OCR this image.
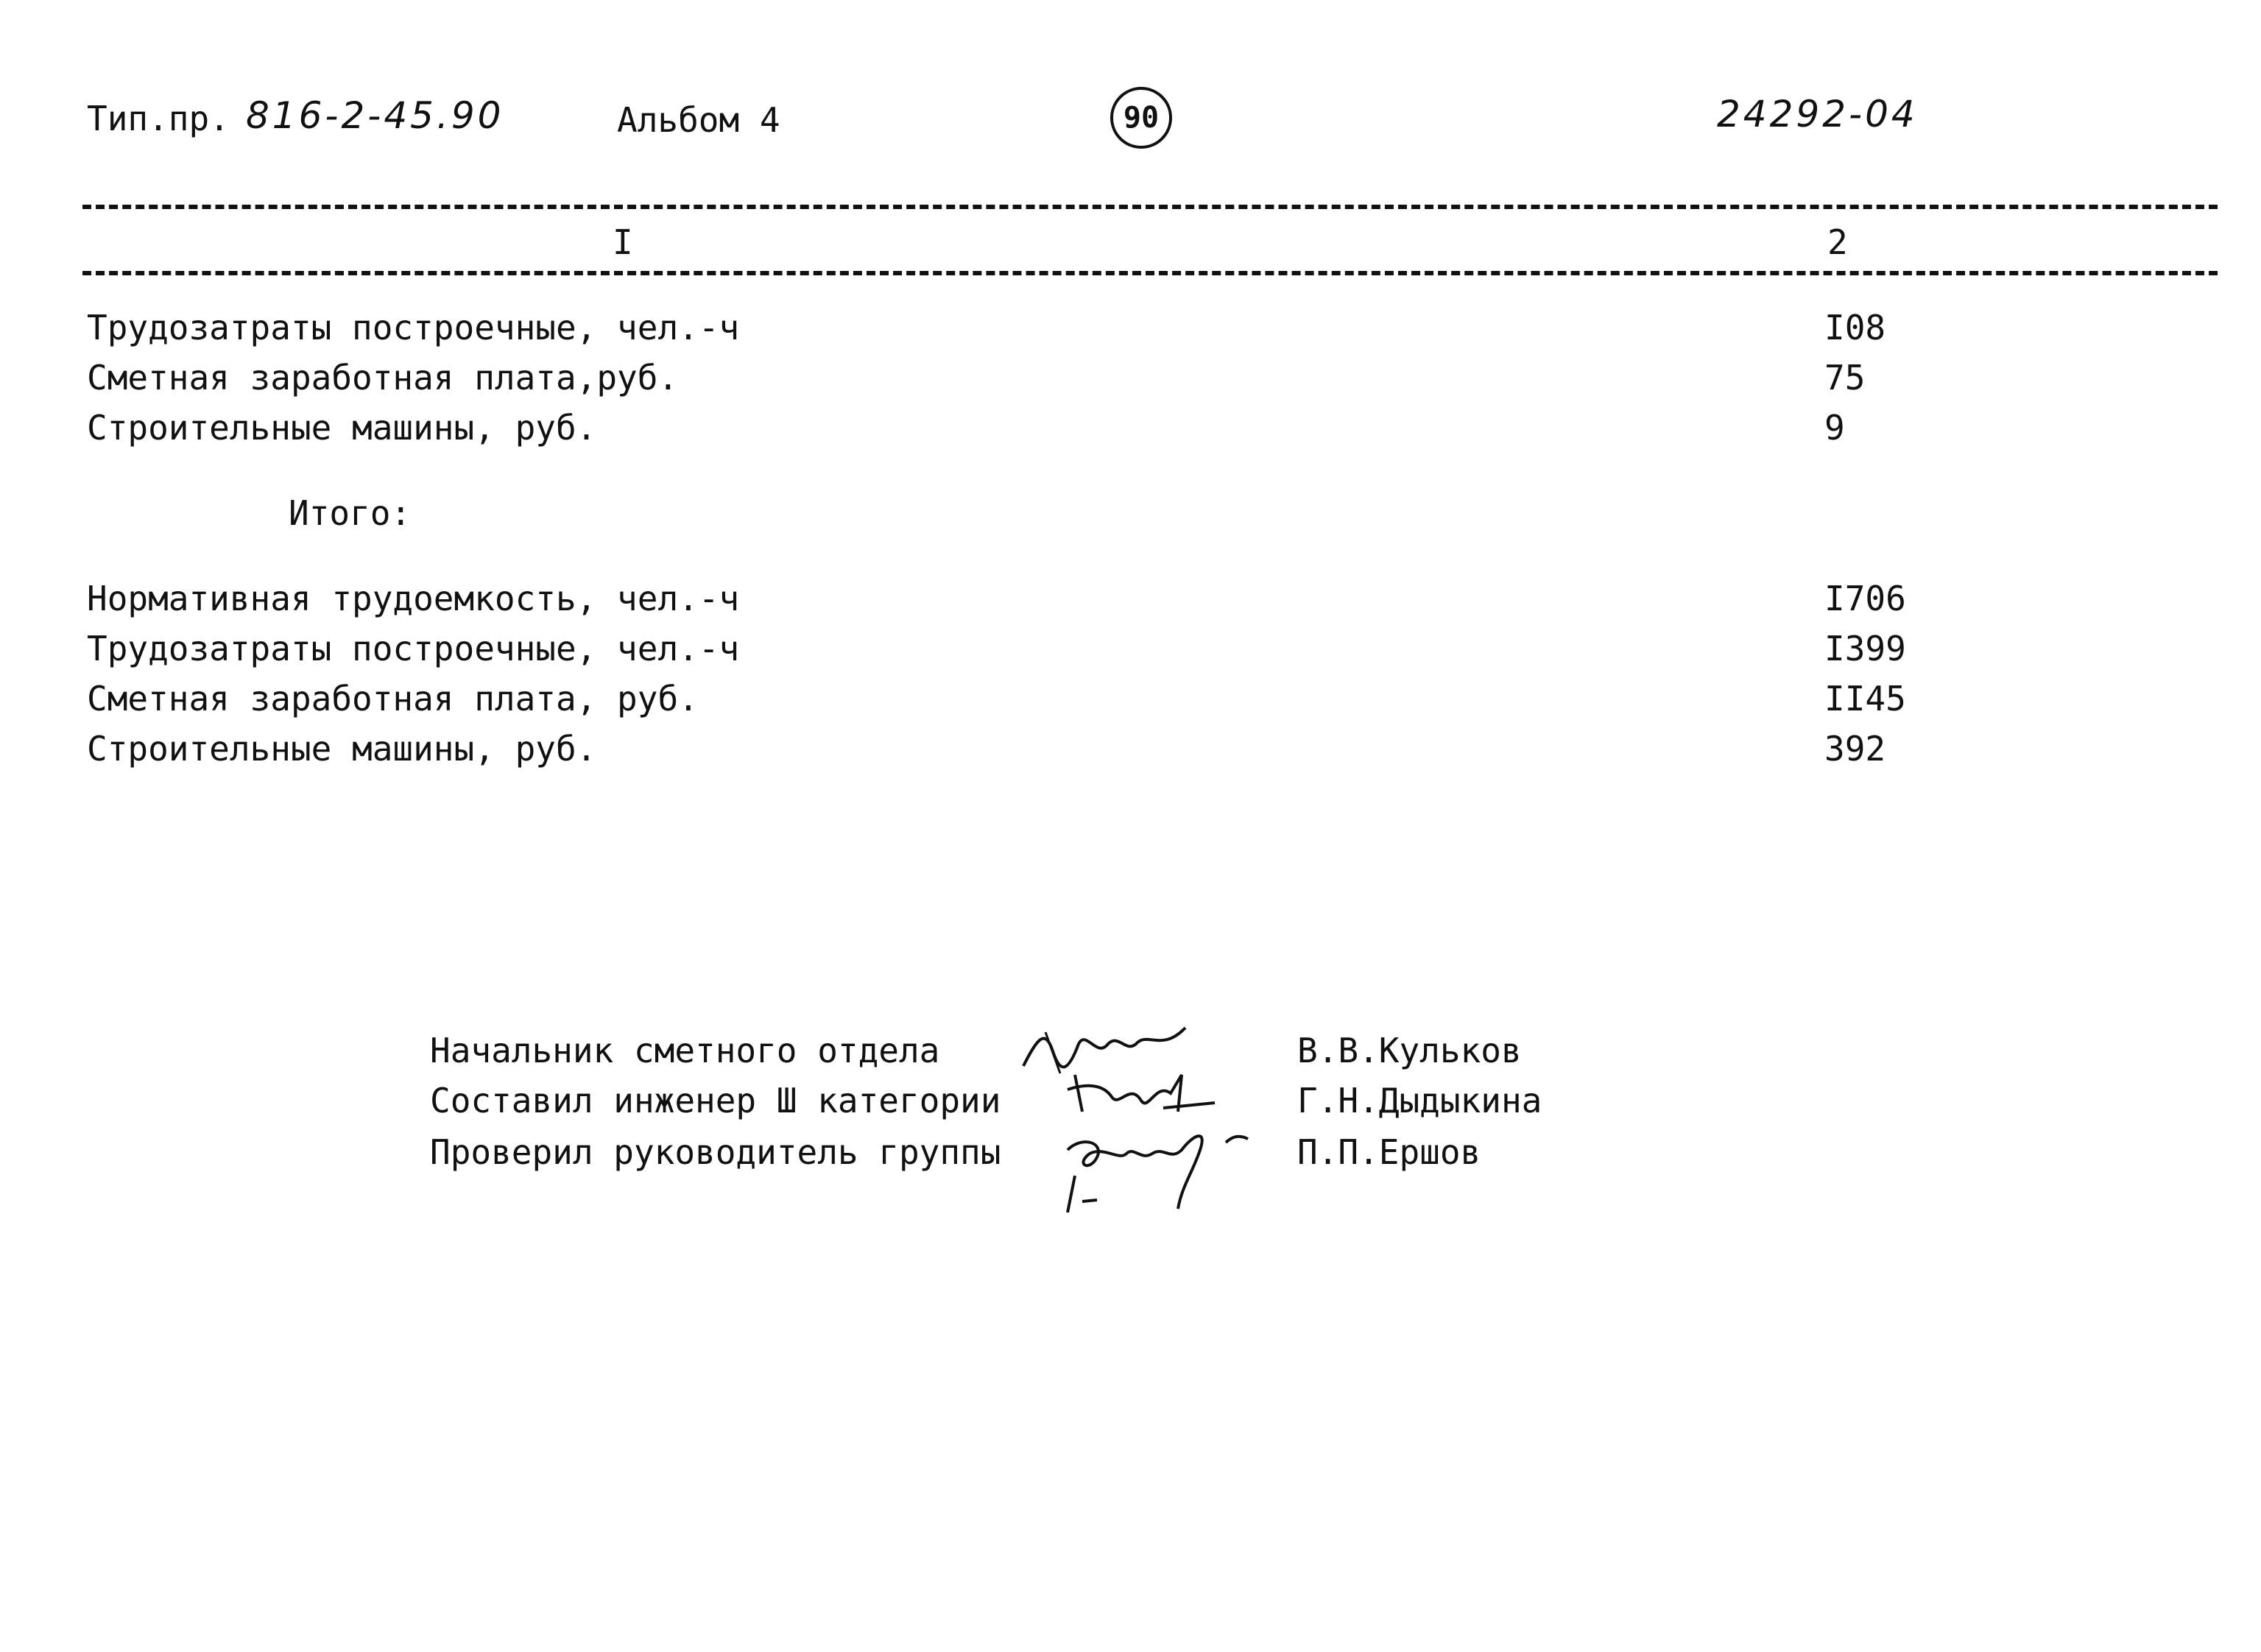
Тип.пр. 816-2-45.90	Альбом 4	90	24292-04
I	2
Трудозатраты построечные, чел.-ч	I08
Сметная заработная плата,руб.	75
Строительные машины, руб.	9
Итого:
Нормативная трудоемкость, чел.-ч	I706
Трудозатраты построечные, чел.-ч	I399
Сметная заработная плата, руб.	II45
Строительные машины, руб.	392
Начальник сметного отдела	В.В.Кульков
Составил инженер Ш категории	Г.Н.Дыдыкина
Проверил руководитель группы	П.П.Ершов
